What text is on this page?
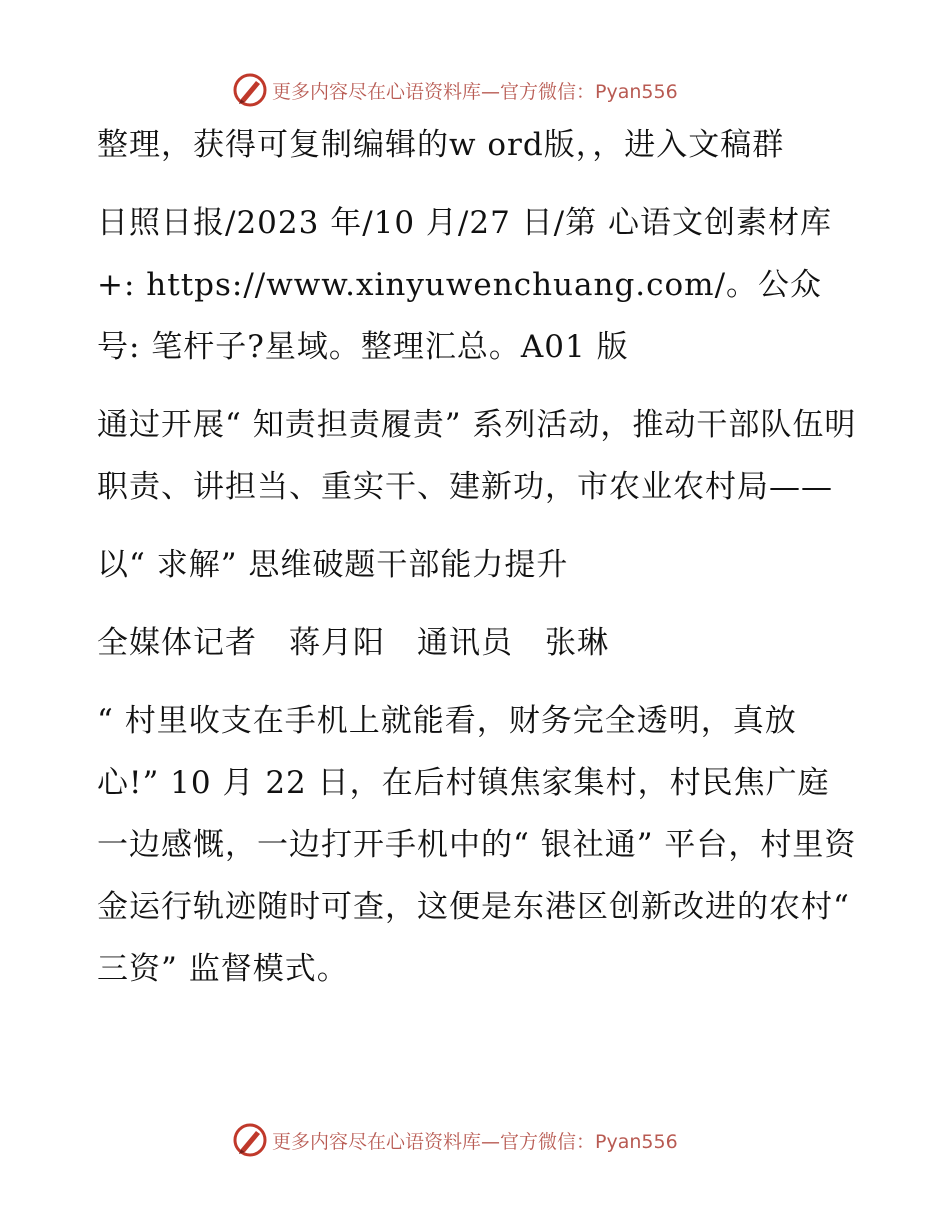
更多内容尽在心语资料库—官方微信：Pyan556

整理，获得可复制编辑的w ord版，，进入文稿群

日照日报/2023 年/10 月/27 日/第 心语文创素材库+: https://www.xinyuwenchuang.com/。公众号: 笔杆子?星域。整理汇总。A01 版

通过开展“ 知责担责履责” 系列活动，推动干部队伍明职责、讲担当、重实干、建新功，市农业农村局——

以“ 求解” 思维破题干部能力提升

全媒体记者　蒋月阳　通讯员　张琳

“ 村里收支在手机上就能看，财务完全透明，真放心!” 10 月 22 日，在后村镇焦家集村，村民焦广庭一边感慨，一边打开手机中的“ 银社通” 平台，村里资金运行轨迹随时可查，这便是东港区创新改进的农村“ 三资” 监督模式。

更多内容尽在心语资料库—官方微信：Pyan556
